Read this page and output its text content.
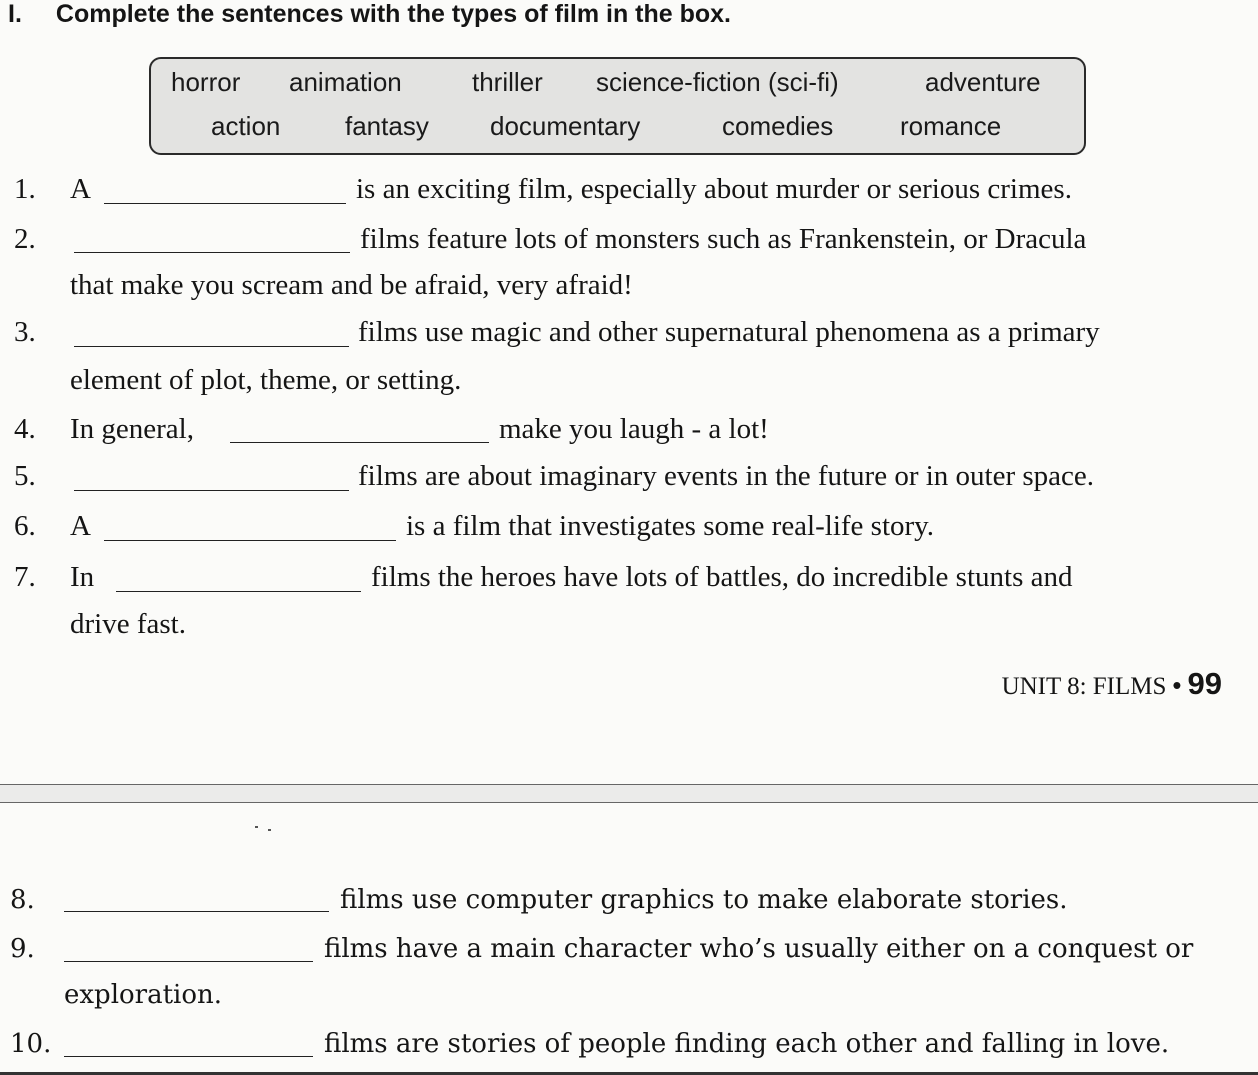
I. Complete the sentences with the types of film in the box.
horror animation	thriller science-fiction (sci-fi)	adventure
action fantasy documentary	comedies	romance
1. A	is an exciting film, especially about murder or serious crimes.
2.	films feature lots of monsters such as Frankenstein, or Dracula
that make you scream and be afraid, very afraid!
3.	films use magic and other supernatural phenomena as a primary
element of plot, theme, or setting.
4. In general,	make you laugh - a lot!
5.	films are about imaginary events in the future or in outer space.
6. A	is a film that investigates some real-life story.
7. In	films the heroes have lots of battles, do incredible stunts and
drive fast.
UNIT 8: FILMS • 99
8.	films use computer graphics to make elaborate stories.
9.	films have a main character who’s usually either on a conquest or
exploration.
10.	films are stories of people finding each other and falling in love.
